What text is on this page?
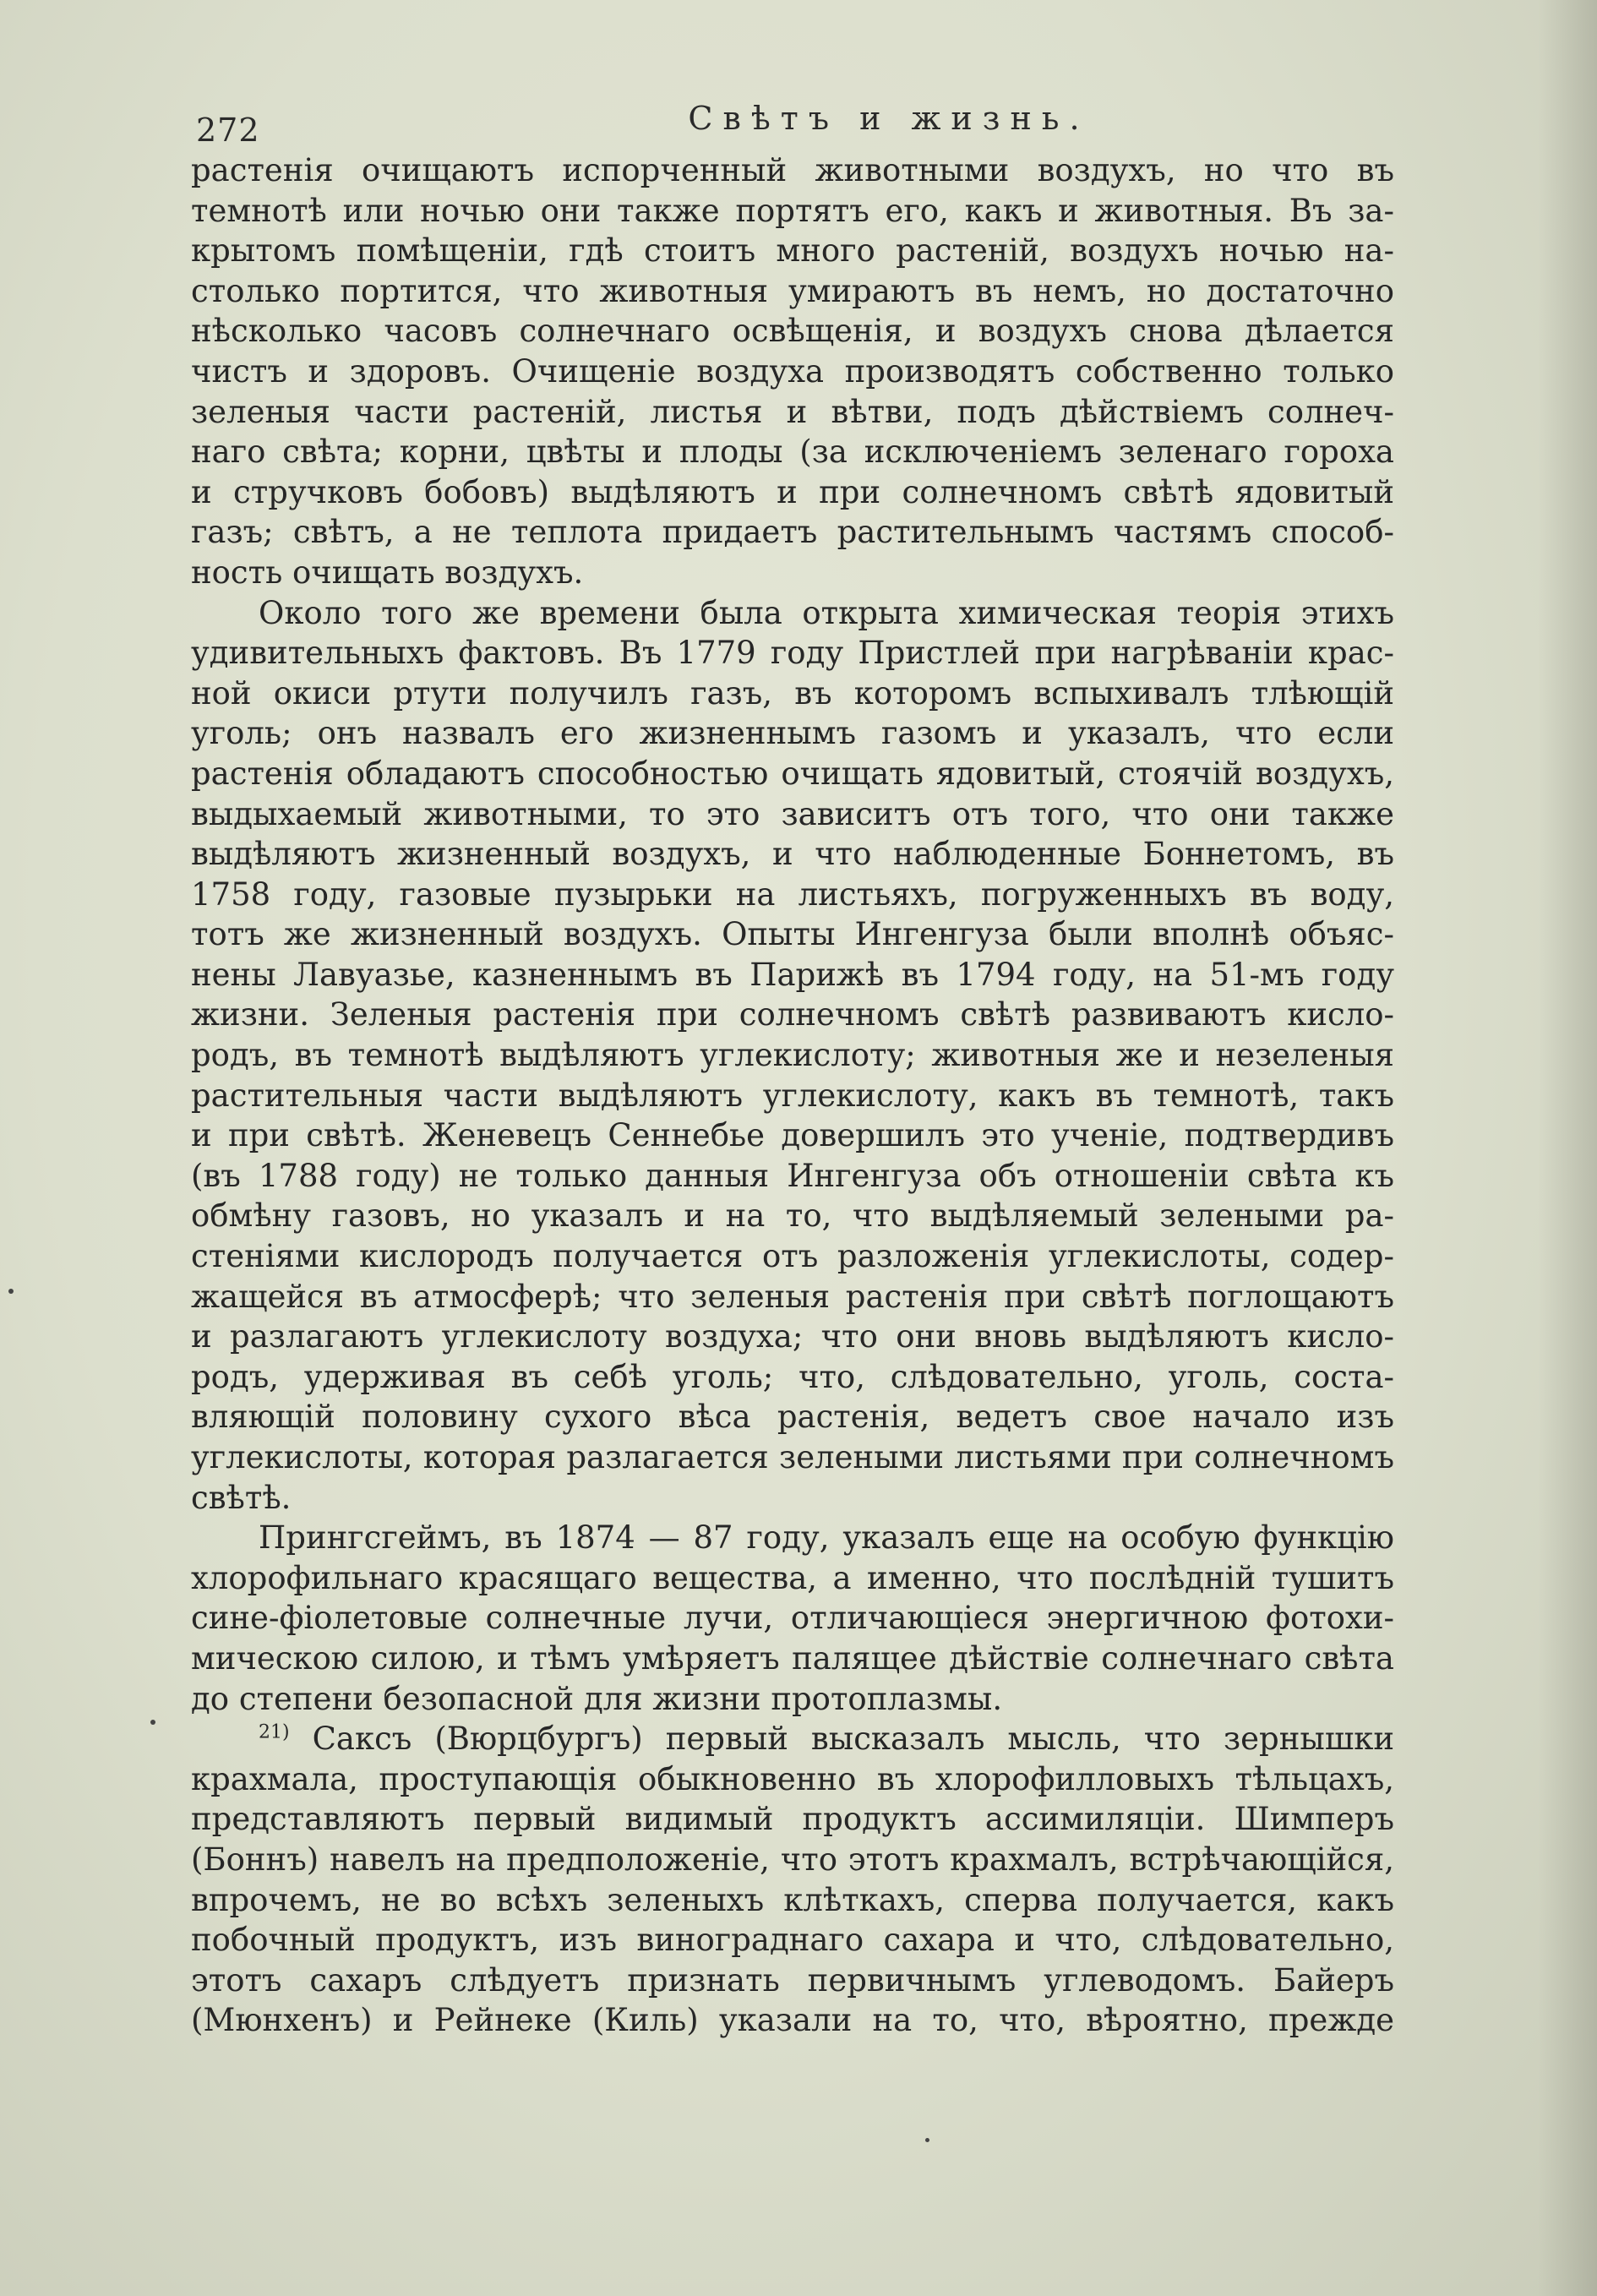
272	Свѣтъ и жизнь.
растенія очищаютъ испорченный животными воздухъ, но что въ
темнотѣ или ночью они также портятъ его, какъ и животныя. Въ за-
крытомъ помѣщеніи, гдѣ стоитъ много растеній, воздухъ ночью на-
столько портится, что животныя умираютъ въ немъ, но достаточно
нѣсколько часовъ солнечнаго освѣщенія, и воздухъ снова дѣлается
чистъ и здоровъ. Очищеніе воздуха производятъ собственно только
зеленыя части растеній, листья и вѣтви, подъ дѣйствіемъ солнеч-
наго свѣта; корни, цвѣты и плоды (за исключеніемъ зеленаго гороха
и стручковъ бобовъ) выдѣляютъ и при солнечномъ свѣтѣ ядовитый
газъ; свѣтъ, а не теплота придаетъ растительнымъ частямъ способ-
ность очищать воздухъ.
Около того же времени была открыта химическая теорія этихъ
удивительныхъ фактовъ. Въ 1779 году Пристлей при нагрѣваніи крас-
ной окиси ртути получилъ газъ, въ которомъ вспыхивалъ тлѣющій
уголь; онъ назвалъ его жизненнымъ газомъ и указалъ, что если
растенія обладаютъ способностью очищать ядовитый, стоячій воздухъ,
выдыхаемый животными, то это зависитъ отъ того, что они также
выдѣляютъ жизненный воздухъ, и что наблюденные Боннетомъ, въ
1758 году, газовые пузырьки на листьяхъ, погруженныхъ въ воду,
тотъ же жизненный воздухъ. Опыты Ингенгуза были вполнѣ объяс-
нены Лавуазье, казненнымъ въ Парижѣ въ 1794 году, на 51-мъ году
жизни. Зеленыя растенія при солнечномъ свѣтѣ развиваютъ кисло-
родъ, въ темнотѣ выдѣляютъ углекислоту; животныя же и незеленыя
растительныя части выдѣляютъ углекислоту, какъ въ темнотѣ, такъ
и при свѣтѣ. Женевецъ Сеннебье довершилъ это ученіе, подтвердивъ
(въ 1788 году) не только данныя Ингенгуза объ отношеніи свѣта къ
обмѣну газовъ, но указалъ и на то, что выдѣляемый зелеными ра-
стеніями кислородъ получается отъ разложенія углекислоты, содер-
жащейся въ атмосферѣ; что зеленыя растенія при свѣтѣ поглощаютъ
и разлагаютъ углекислоту воздуха; что они вновь выдѣляютъ кисло-
родъ, удерживая въ себѣ уголь; что, слѣдовательно, уголь, соста-
вляющій половину сухого вѣса растенія, ведетъ свое начало изъ
углекислоты, которая разлагается зелеными листьями при солнечномъ
свѣтѣ.
Прингсгеймъ, въ 1874 — 87 году, указалъ еще на особую функцію
хлорофильнаго красящаго вещества, а именно, что послѣдній тушитъ
сине-фіолетовые солнечные лучи, отличающіеся энергичною фотохи-
мическою силою, и тѣмъ умѣряетъ палящее дѣйствіе солнечнаго свѣта
до степени безопасной для жизни протоплазмы.
$^{21)}$ Саксъ (Вюрцбургъ) первый высказалъ мысль, что зернышки
крахмала, проступающія обыкновенно въ хлорофилловыхъ тѣльцахъ,
представляютъ первый видимый продуктъ ассимиляціи. Шимперъ
(Боннъ) навелъ на предположеніе, что этотъ крахмалъ, встрѣчающійся,
впрочемъ, не во всѣхъ зеленыхъ клѣткахъ, сперва получается, какъ
побочный продуктъ, изъ винограднаго сахара и что, слѣдовательно,
этотъ сахаръ слѣдуетъ признать первичнымъ углеводомъ. Байеръ
(Мюнхенъ) и Рейнеке (Киль) указали на то, что, вѣроятно, прежде
